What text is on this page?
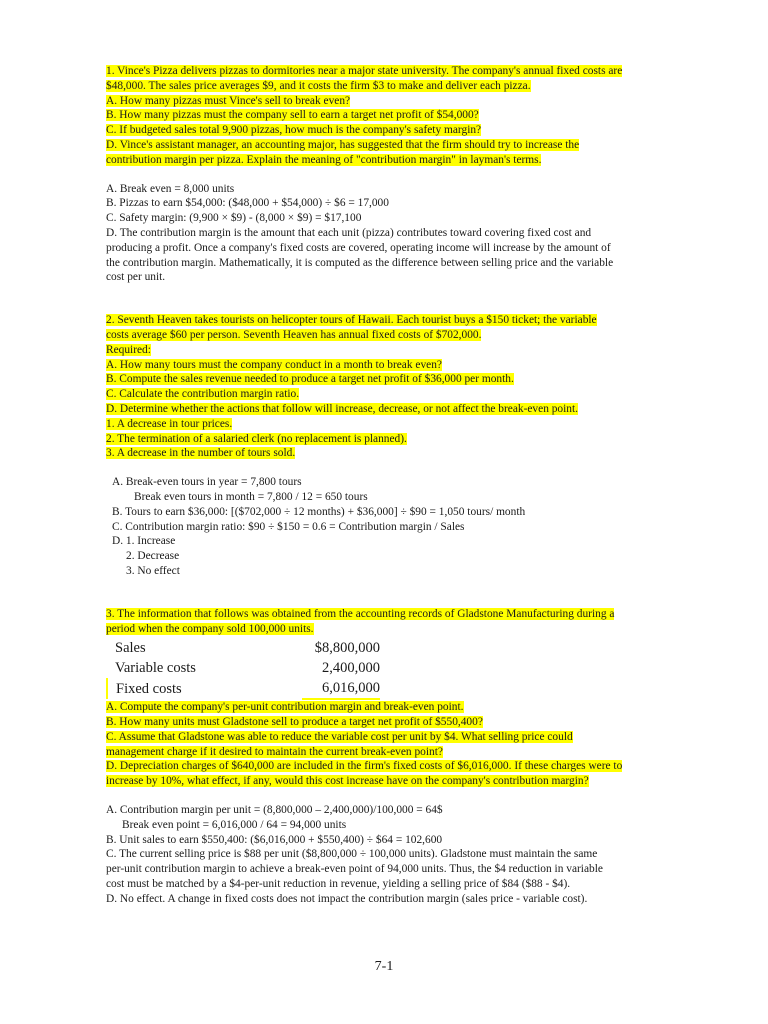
1. Vince's Pizza delivers pizzas to dormitories near a major state university. The company's annual fixed costs are
$48,000. The sales price averages $9, and it costs the firm $3 to make and deliver each pizza.
A. How many pizzas must Vince's sell to break even?
B. How many pizzas must the company sell to earn a target net profit of $54,000?
C. If budgeted sales total 9,900 pizzas, how much is the company's safety margin?
D. Vince's assistant manager, an accounting major, has suggested that the firm should try to increase the
contribution margin per pizza. Explain the meaning of "contribution margin" in layman's terms.
A. Break even = 8,000 units
B. Pizzas to earn $54,000: ($48,000 + $54,000) ÷ $6 = 17,000
C. Safety margin: (9,900 × $9) - (8,000 × $9) = $17,100
D. The contribution margin is the amount that each unit (pizza) contributes toward covering fixed cost and
producing a profit. Once a company's fixed costs are covered, operating income will increase by the amount of
the contribution margin. Mathematically, it is computed as the difference between selling price and the variable
cost per unit.
2. Seventh Heaven takes tourists on helicopter tours of Hawaii. Each tourist buys a $150 ticket; the variable
costs average $60 per person. Seventh Heaven has annual fixed costs of $702,000.
Required:
A. How many tours must the company conduct in a month to break even?
B. Compute the sales revenue needed to produce a target net profit of $36,000 per month.
C. Calculate the contribution margin ratio.
D. Determine whether the actions that follow will increase, decrease, or not affect the break-even point.
1. A decrease in tour prices.
2. The termination of a salaried clerk (no replacement is planned).
3. A decrease in the number of tours sold.
A. Break-even tours in year = 7,800 tours
Break even tours in month = 7,800 / 12 = 650 tours
B. Tours to earn $36,000: [($702,000 ÷ 12 months) + $36,000] ÷ $90 = 1,050 tours/ month
C. Contribution margin ratio: $90 ÷ $150 = 0.6 = Contribution margin / Sales
D. 1. Increase
2. Decrease
3. No effect
3. The information that follows was obtained from the accounting records of Gladstone Manufacturing during a
period when the company sold 100,000 units.
Sales	$8,800,000
Variable costs	2,400,000
Fixed costs	6,016,000
A. Compute the company's per-unit contribution margin and break-even point.
B. How many units must Gladstone sell to produce a target net profit of $550,400?
C. Assume that Gladstone was able to reduce the variable cost per unit by $4. What selling price could
management charge if it desired to maintain the current break-even point?
D. Depreciation charges of $640,000 are included in the firm's fixed costs of $6,016,000. If these charges were to
increase by 10%, what effect, if any, would this cost increase have on the company's contribution margin?
A. Contribution margin per unit = (8,800,000 – 2,400,000)/100,000 = 64$
Break even point = 6,016,000 / 64 = 94,000 units
B. Unit sales to earn $550,400: ($6,016,000 + $550,400) ÷ $64 = 102,600
C. The current selling price is $88 per unit ($8,800,000 ÷ 100,000 units). Gladstone must maintain the same
per-unit contribution margin to achieve a break-even point of 94,000 units. Thus, the $4 reduction in variable
cost must be matched by a $4-per-unit reduction in revenue, yielding a selling price of $84 ($88 - $4).
D. No effect. A change in fixed costs does not impact the contribution margin (sales price - variable cost).
7-1
